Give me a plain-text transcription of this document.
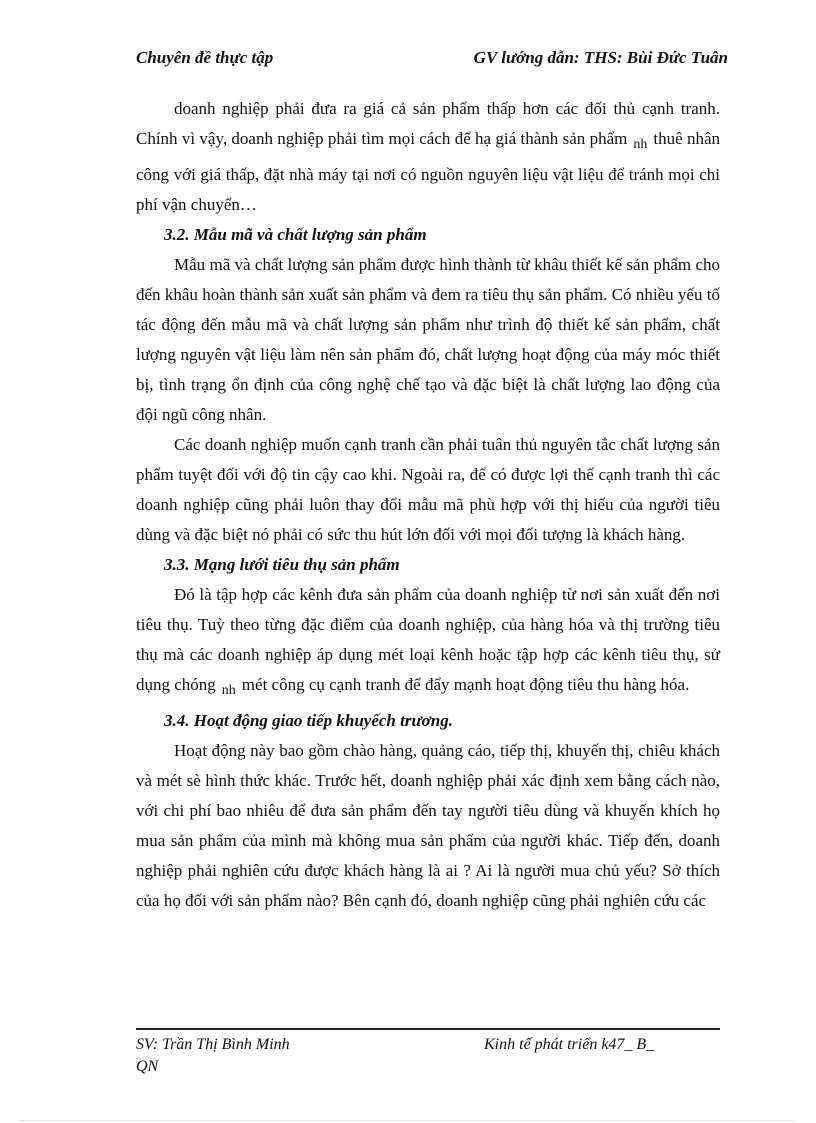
Chuyên đề thực tập	GV lướng dẫn: THS: Bùi Đức Tuân

doanh nghiệp phải đưa ra giá cả sản phẩm thấp hơn các đối thủ cạnh tranh. Chính vì vậy, doanh nghiệp phải tìm mọi cách để hạ giá thành sản phẩm $_{nh}$ thuê nhân công với giá thấp, đặt nhà máy tại nơi có nguồn nguyên liệu vật liệu để tránh mọi chi phí vận chuyển…

3.2. Mẫu mã và chất lượng sản phẩm

Mẫu mã và chất lượng sản phẩm được hình thành từ khâu thiết kế sản phẩm cho đến khâu hoàn thành sản xuất sản phẩm và đem ra tiêu thụ sản phẩm. Có nhiều yếu tố tác động đến mẫu mã và chất lượng sản phẩm như trình độ thiết kế sản phẩm, chất lượng nguyên vật liệu làm nên sản phẩm đó, chất lượng hoạt động của máy móc thiết bị, tình trạng ổn định của công nghệ chế tạo và đặc biệt là chất lượng lao động của đội ngũ công nhân.

Các doanh nghiệp muốn cạnh tranh cần phải tuân thủ nguyên tắc chất lượng sản phẩm tuyệt đối với độ tin cậy cao khi. Ngoài ra, để có được lợi thế cạnh tranh thì các doanh nghiệp cũng phải luôn thay đổi mẫu mã phù hợp với thị hiếu của người tiêu dùng và đặc biệt nó phải có sức thu hút lớn đối với mọi đối tượng là khách hàng.

3.3. Mạng lưới tiêu thụ sản phẩm

Đó là tập hợp các kênh đưa sản phẩm của doanh nghiệp từ nơi sản xuất đến nơi tiêu thụ. Tuỳ theo từng đặc điểm của doanh nghiệp, của hàng hóa và thị trường tiêu thụ mà các doanh nghiệp áp dụng mét loại kênh hoặc tập hợp các kênh tiêu thụ, sử dụng chóng $_{nh}$ mét công cụ cạnh tranh để đẩy mạnh hoạt động tiêu thu hàng hóa.

3.4. Hoạt động giao tiếp khuyếch trương.

Hoạt động này bao gồm chào hàng, quảng cáo, tiếp thị, khuyến thị, chiêu khách và mét sè hình thức khác. Trước hết, doanh nghiệp phải xác định xem bằng cách nào, với chi phí bao nhiêu để đưa sản phẩm đến tay người tiêu dùng và khuyến khích họ mua sản phẩm của mình mà không mua sản phẩm của người khác. Tiếp đến, doanh nghiệp phải nghiên cứu được khách hàng là ai ? Ai là người mua chủ yếu? Sở thích của họ đối với sản phẩm nào? Bên cạnh đó, doanh nghiệp cũng phải nghiên cứu các

SV: Trần Thị Bình Minh	Kinh tế phát triển k47_ B_
QN
